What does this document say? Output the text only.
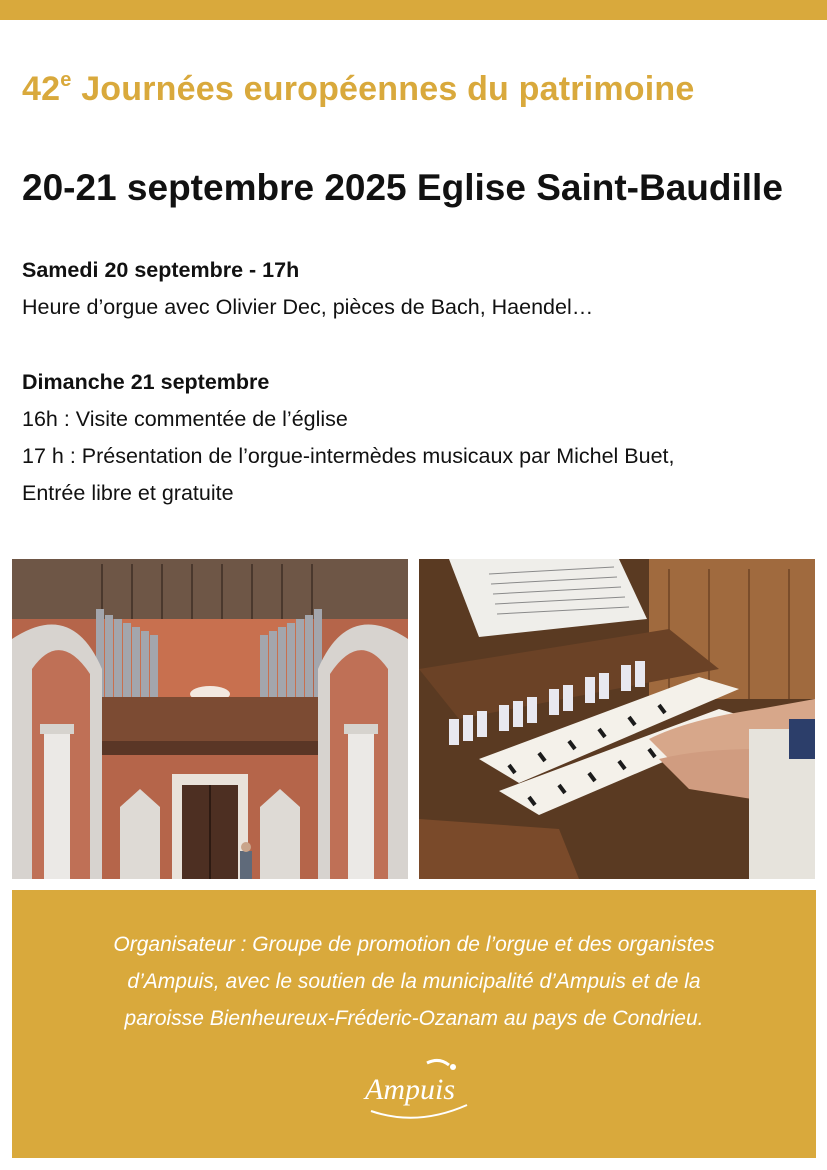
42e Journées européennes du patrimoine
20-21 septembre 2025 Eglise Saint-Baudille
Samedi 20 septembre - 17h
Heure d’orgue avec Olivier Dec, pièces de Bach, Haendel…
Dimanche 21 septembre
16h : Visite commentée de l’église
17 h : Présentation de l’orgue-intermèdes musicaux par Michel Buet,
Entrée libre et gratuite
Organisateur : Groupe de promotion de l’orgue et des organistes
d’Ampuis, avec le soutien de la municipalité d’Ampuis et de la
paroisse Bienheureux-Fréderic-Ozanam au pays de Condrieu.
Ampuis
